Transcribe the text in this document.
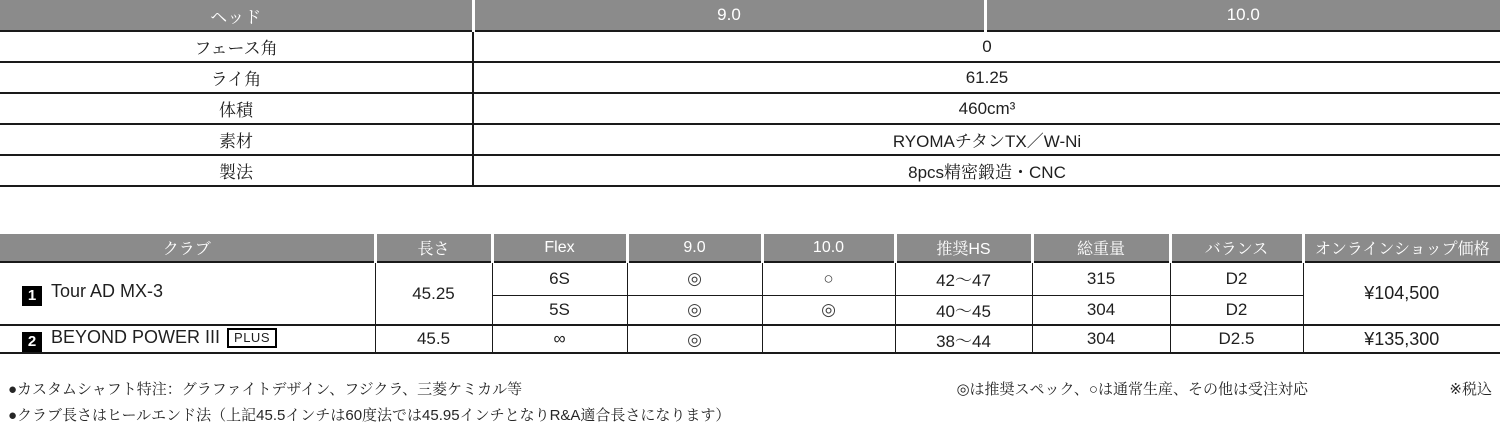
ヘッド	9.0	10.0
フェース角	0	
ライ角	61.25	
体積	460cm³	
素材	RYOMAチタンTX／W-Ni	
製法	8pcs精密鍛造・CNC	
クラブ	長さ	Flex	9.0	10.0	推奨HS	総重量	バランス	オンラインショップ価格
1 Tour AD MX-3	45.25	6S	◎	○	42～47	315	D2	¥104,500
		5S	◎	◎	40～45	304	D2	
2 BEYOND POWER III PLUS	45.5	∞	◎		38～44	304	D2.5	¥135,300
●カスタムシャフト特注：グラファイトデザイン、フジクラ、三菱ケミカル等
●クラブ長さはヒールエンド法（上記45.5インチは60度法では45.95インチとなりR&A適合長さになります）
◎は推奨スペック、○は通常生産、その他は受注対応	※税込
